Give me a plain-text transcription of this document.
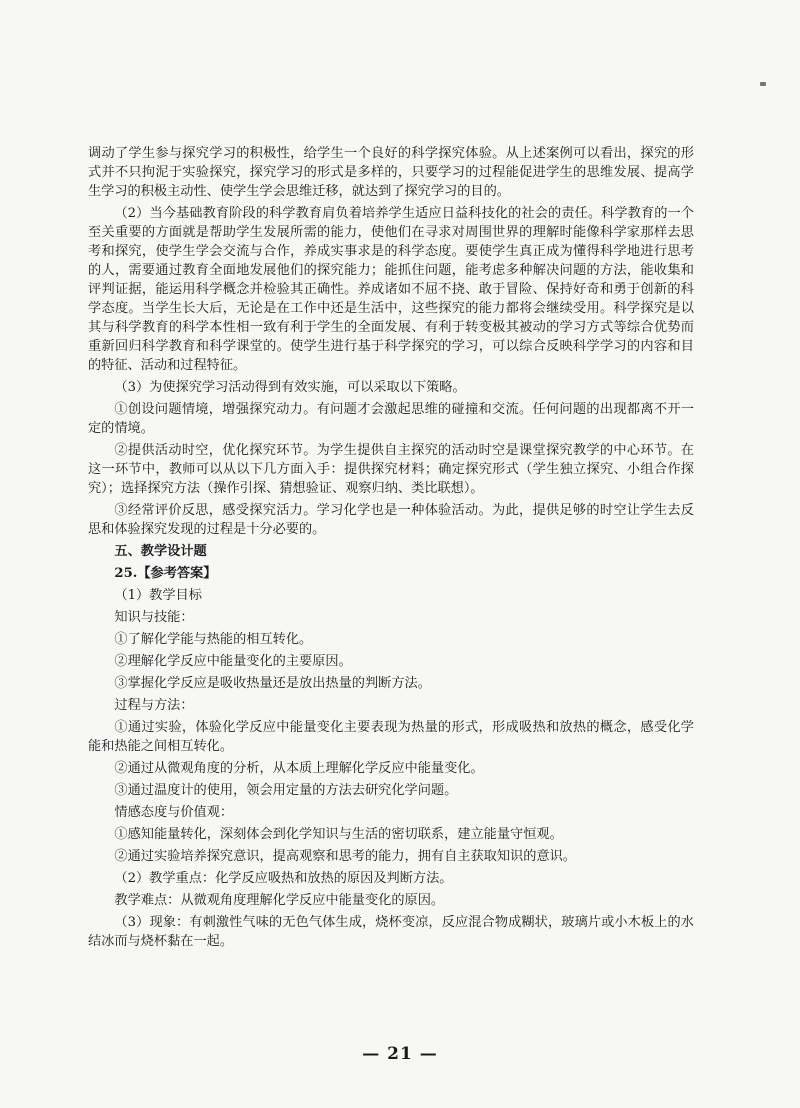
调动了学生参与探究学习的积极性，给学生一个良好的科学探究体验。从上述案例可以看出，探究的形式并不只拘泥于实验探究，探究学习的形式是多样的，只要学习的过程能促进学生的思维发展、提高学生学习的积极主动性、使学生学会思维迁移，就达到了探究学习的目的。

（2）当今基础教育阶段的科学教育肩负着培养学生适应日益科技化的社会的责任。科学教育的一个至关重要的方面就是帮助学生发展所需的能力，使他们在寻求对周围世界的理解时能像科学家那样去思考和探究，使学生学会交流与合作，养成实事求是的科学态度。要使学生真正成为懂得科学地进行思考的人，需要通过教育全面地发展他们的探究能力；能抓住问题，能考虑多种解决问题的方法，能收集和评判证据，能运用科学概念并检验其正确性。养成诸如不屈不挠、敢于冒险、保持好奇和勇于创新的科学态度。当学生长大后，无论是在工作中还是生活中，这些探究的能力都将会继续受用。科学探究是以其与科学教育的科学本性相一致有利于学生的全面发展、有利于转变极其被动的学习方式等综合优势而重新回归科学教育和科学课堂的。使学生进行基于科学探究的学习，可以综合反映科学学习的内容和目的特征、活动和过程特征。

（3）为使探究学习活动得到有效实施，可以采取以下策略。

①创设问题情境，增强探究动力。有问题才会激起思维的碰撞和交流。任何问题的出现都离不开一定的情境。

②提供活动时空，优化探究环节。为学生提供自主探究的活动时空是课堂探究教学的中心环节。在这一环节中，教师可以从以下几方面入手：提供探究材料；确定探究形式（学生独立探究、小组合作探究）；选择探究方法（操作引探、猜想验证、观察归纳、类比联想）。

③经常评价反思，感受探究活力。学习化学也是一种体验活动。为此，提供足够的时空让学生去反思和体验探究发现的过程是十分必要的。

五、教学设计题

25.【参考答案】

（1）教学目标

知识与技能：

①了解化学能与热能的相互转化。

②理解化学反应中能量变化的主要原因。

③掌握化学反应是吸收热量还是放出热量的判断方法。

过程与方法：

①通过实验，体验化学反应中能量变化主要表现为热量的形式，形成吸热和放热的概念，感受化学能和热能之间相互转化。

②通过从微观角度的分析，从本质上理解化学反应中能量变化。

③通过温度计的使用，领会用定量的方法去研究化学问题。

情感态度与价值观：

①感知能量转化，深刻体会到化学知识与生活的密切联系，建立能量守恒观。

②通过实验培养探究意识，提高观察和思考的能力，拥有自主获取知识的意识。

（2）教学重点：化学反应吸热和放热的原因及判断方法。

教学难点：从微观角度理解化学反应中能量变化的原因。

（3）现象：有刺激性气味的无色气体生成，烧杯变凉，反应混合物成糊状，玻璃片或小木板上的水结冰而与烧杯黏在一起。

— 21 —
